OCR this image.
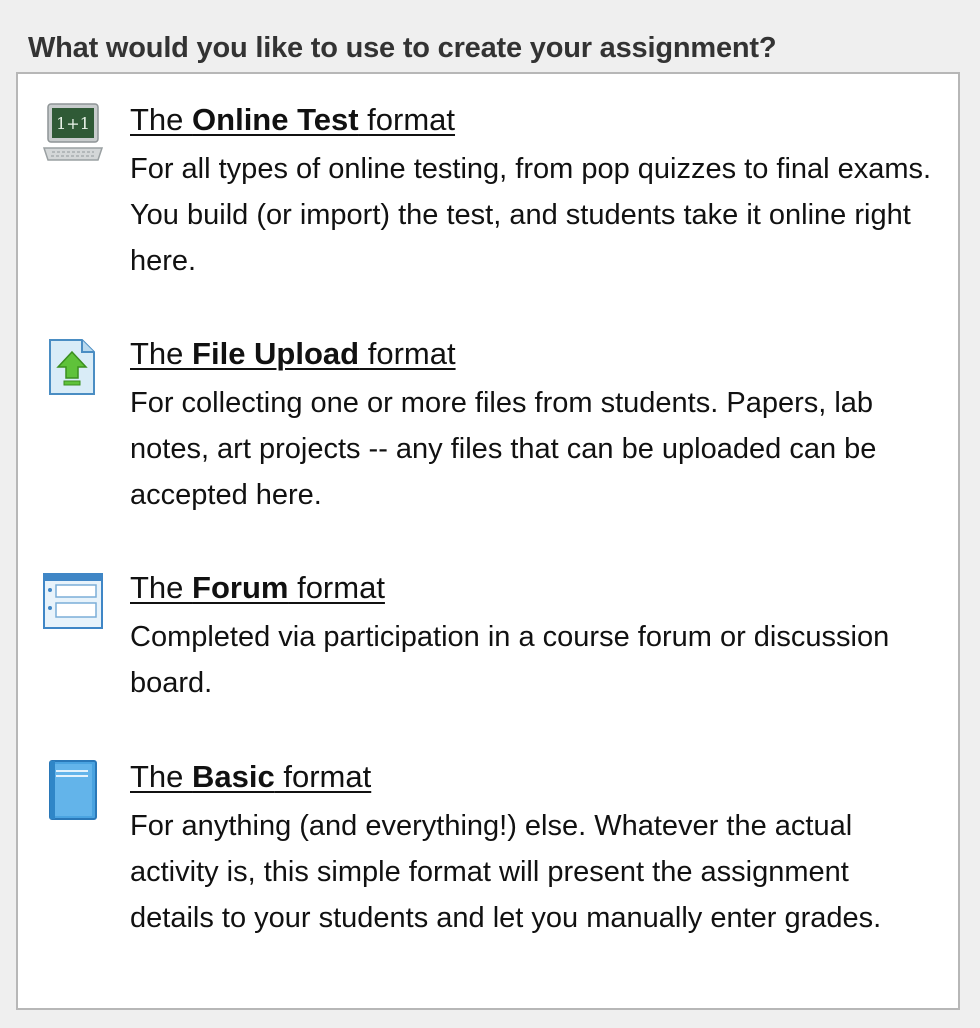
What would you like to use to create your assignment?
1+1 The Online Test format

For all types of online testing, from pop quizzes to final exams. You build (or import) the test, and students take it online right here.

The File Upload format

For collecting one or more files from students. Papers, lab notes, art projects -- any files that can be uploaded can be accepted here.

The Forum format

Completed via participation in a course forum or discussion board.

The Basic format

For anything (and everything!) else. Whatever the actual activity is, this simple format will present the assignment details to your students and let you manually enter grades.
